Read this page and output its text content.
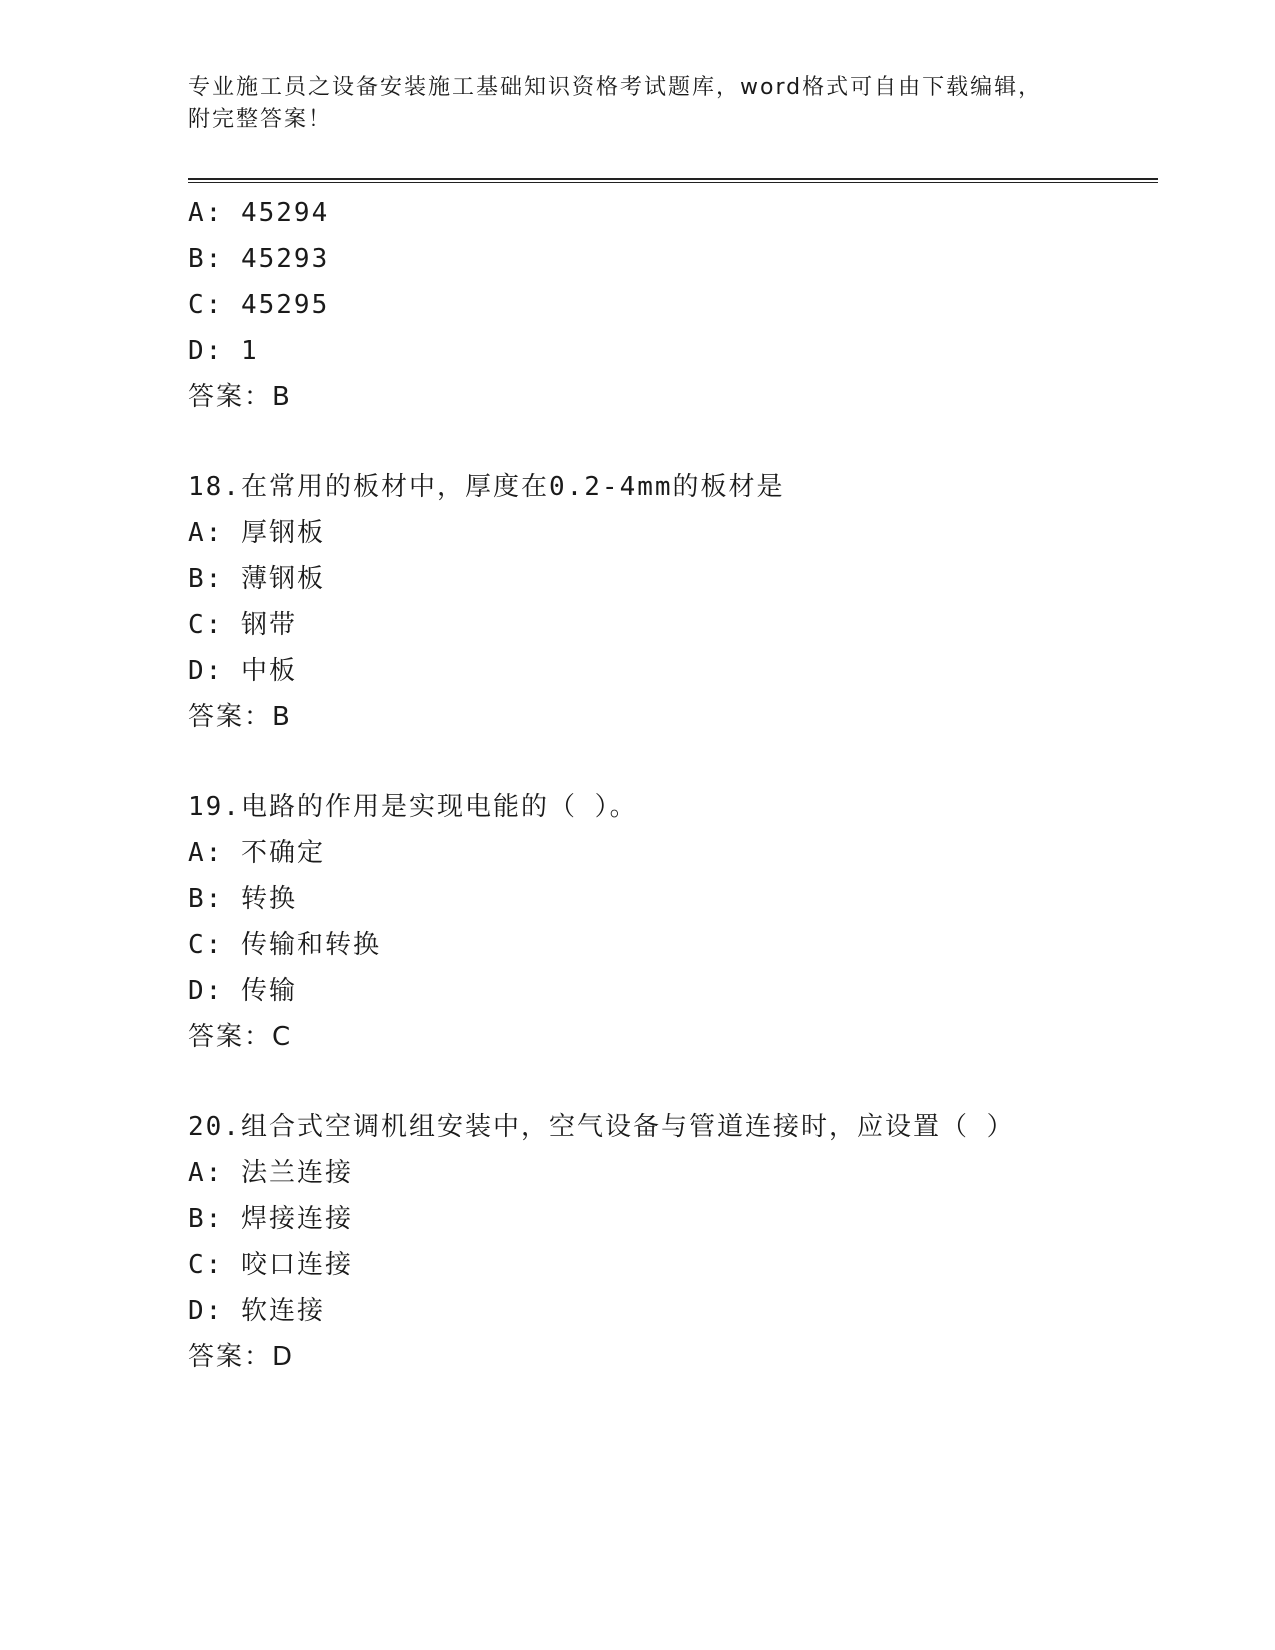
专业施工员之设备安装施工基础知识资格考试题库，word格式可自由下载编辑，
附完整答案！
A: 45294
B: 45293
C: 45295
D: 1
答案：B
18.在常用的板材中，厚度在0.2-4mm的板材是
A: 厚钢板
B: 薄钢板
C: 钢带
D: 中板
答案：B
19.电路的作用是实现电能的（ ）。
A: 不确定
B: 转换
C: 传输和转换
D: 传输
答案：C
20.组合式空调机组安装中，空气设备与管道连接时，应设置（ ）
A: 法兰连接
B: 焊接连接
C: 咬口连接
D: 软连接
答案：D
